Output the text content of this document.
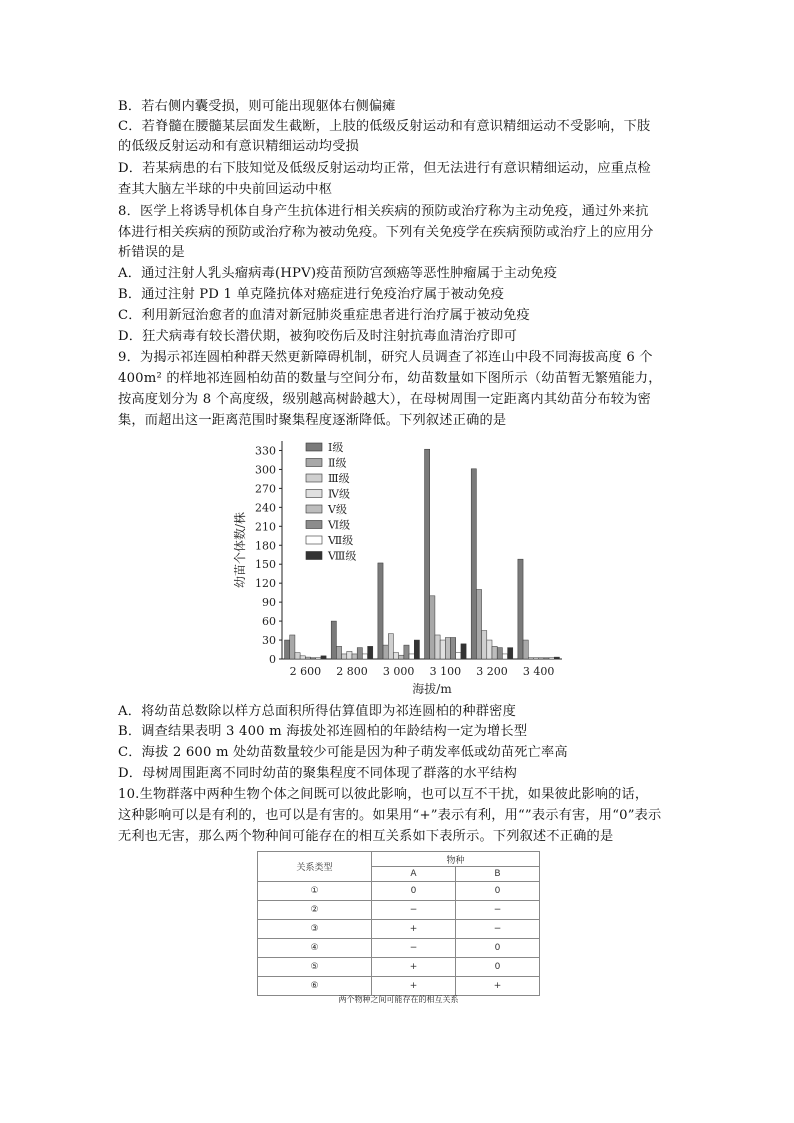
B．若右侧内囊受损，则可能出现躯体右侧偏瘫
C．若脊髓在腰髓某层面发生截断，上肢的低级反射运动和有意识精细运动不受影响，下肢
的低级反射运动和有意识精细运动均受损
D．若某病患的右下肢知觉及低级反射运动均正常，但无法进行有意识精细运动，应重点检
查其大脑左半球的中央前回运动中枢
8．医学上将诱导机体自身产生抗体进行相关疾病的预防或治疗称为主动免疫，通过外来抗
体进行相关疾病的预防或治疗称为被动免疫。下列有关免疫学在疾病预防或治疗上的应用分
析错误的是
A．通过注射人乳头瘤病毒(HPV)疫苗预防宫颈癌等恶性肿瘤属于主动免疫
B．通过注射 PD 1 单克隆抗体对癌症进行免疫治疗属于被动免疫
C．利用新冠治愈者的血清对新冠肺炎重症患者进行治疗属于被动免疫
D．狂犬病毒有较长潜伏期，被狗咬伤后及时注射抗毒血清治疗即可
9．为揭示祁连圆柏种群天然更新障碍机制，研究人员调查了祁连山中段不同海拔高度 6 个
400m² 的样地祁连圆柏幼苗的数量与空间分布，幼苗数量如下图所示（幼苗暂无繁殖能力，
按高度划分为 8 个高度级，级别越高树龄越大），在母树周围一定距离内其幼苗分布较为密
集，而超出这一距离范围时聚集程度逐渐降低。下列叙述正确的是
0
30
60
90
120
150
180
210
240
270
300
330
幼苗个体数/株
2 600 2 800 3 000 3 100 3 200 3 400
海拔/m
Ⅰ级
Ⅱ级
Ⅲ级
Ⅳ级
Ⅴ级
Ⅵ级
Ⅶ级
Ⅷ级
A．将幼苗总数除以样方总面积所得估算值即为祁连圆柏的种群密度
B．调查结果表明 3 400 m 海拔处祁连圆柏的年龄结构一定为增长型
C．海拔 2 600 m 处幼苗数量较少可能是因为种子萌发率低或幼苗死亡率高
D．母树周围距离不同时幼苗的聚集程度不同体现了群落的水平结构
10.生物群落中两种生物个体之间既可以彼此影响，也可以互不干扰，如果彼此影响的话，
这种影响可以是有利的，也可以是有害的。如果用“+”表示有利，用“”表示有害，用“0”表示
无利也无害，那么两个物种间可能存在的相互关系如下表所示。下列叙述不正确的是
关系类型	物种	
	A	B
①	0	0
②	−	−
③	+	−
④	−	0
⑤	+	0
⑥	+	+
两个物种之间可能存在的相互关系
